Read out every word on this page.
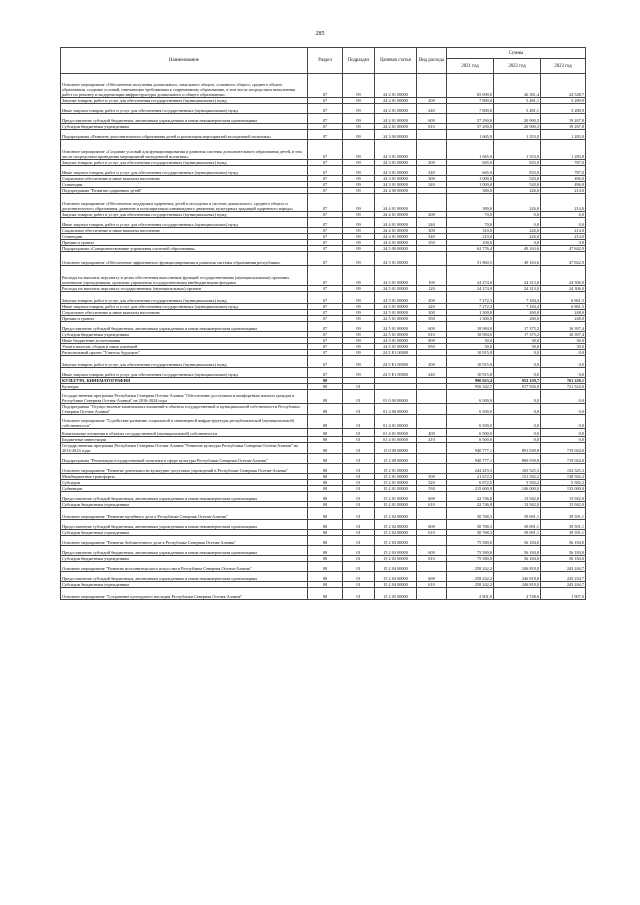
285
Наименование	Раздел	Подраздел	Целевая статья	Вид расхода	Суммы		
					2021 год	2022 год	2023 год
Основное мероприятие «Обеспечение получения дошкольного, начального общего, основного общего, среднего общего образования, создание условий, отвечающих требованиям к современному образованию, в том числе посредством выполнения работ по ремонту и модернизации инфраструктуры дошкольного и общего образования»	07	09	24 2 01 00000		65 090,0	26 381,4	24 548,7
Закупка товаров, работ и услуг для обеспечения государственных (муниципальных) нужд	07	09	24 2 01 00000	200	7 800,0	5 481,1	5 280,9
Иные закупки товаров, работ и услуг для обеспечения государственных (муниципальных) нужд	07	09	24 2 01 00000	240	7 800,0	5 481,1	5 280,9
Предоставление субсидий бюджетным, автономным учреждениям и иным некоммерческим организациям	07	09	24 2 01 00000	600	57 290,0	20 900,3	19 267,8
Субсидии бюджетным учреждениям	07	09	24 2 01 00000	610	57 290,0	20 900,3	19 267,8
Подпрограмма «Развитие дополнительного образования детей и реализация мероприятий молодежной политики»	07	09	24 3 00 00000		1 665,0	1 353,0	1 283,0
Основное мероприятие «Создание условий для функционирования и развития системы дополнительного образования детей, в том числе посредством проведения мероприятий молодежной политики»	07	09	24 3 01 00000		1 665,0	1 353,0	1 283,0
Закупка товаров, работ и услуг для обеспечения государственных (муниципальных) нужд	07	09	24 3 01 00000	200	665,0	833,0	787,0
Иные закупки товаров, работ и услуг для обеспечения государственных (муниципальных) нужд	07	09	24 3 01 00000	240	665,0	833,0	787,0
Социальное обеспечение и иные выплаты населению	07	09	24 3 01 00000	300	1 000,0	520,0	496,0
Стипендии	07	09	24 3 01 00000	340	1 000,0	520,0	496,0
Подпрограмма "Развитие одаренных детей"	07	09	24 4 00 00000		380,0	226,0	214,0
Основное мероприятие «Обеспечение поддержки одаренных детей и молодежи в системе дошкольного, среднего общего и дополнительного образования, развитие и популяризация олимпиадного движения, культурных традиций одаренного народа»	07	09	24 4 01 00000		380,0	226,0	214,0
Закупка товаров, работ и услуг для обеспечения государственных (муниципальных) нужд	07	09	24 4 01 00000	200	70,0	0,0	0,0
Иные закупки товаров, работ и услуг для обеспечения государственных (муниципальных) нужд	07	09	24 4 01 00000	240	70,0	0,0	0,0
Социальное обеспечение и иные выплаты населению	07	09	24 4 01 00000	300	310,0	226,0	214,0
Стипендии	07	09	24 4 01 00000	340	210,0	226,0	214,0
Премии и гранты	07	09	24 4 01 00000	350	100,0	0,0	0,0
Подпрограмма «Совершенствование управления системой образования»	07	09	24 5 00 00000		62 776,4	49 163,6	47 842,9
Основное мероприятие «Обеспечение эффективного функционирования и развития системы образования республики»	07	09	24 5 01 00000		51 860,5	49 163,6	47 842,9
Расходы на выплаты персоналу в целях обеспечения выполнения функций государственными (муниципальными) органами, казенными учреждениями, органами управления государственными внебюджетными фондами	07	09	24 5 01 00000	100	24 274,0	24 313,0	24 306,0
Расходы на выплаты персоналу государственных (муниципальных) органов	07	09	24 5 01 00000	120	24 274,0	24 313,0	24 306,0
Закупка товаров, работ и услуг для обеспечения государственных (муниципальных) нужд	07	09	24 5 01 00000	200	7 272,3	7 184,4	6 861,5
Иные закупки товаров, работ и услуг для обеспечения государственных (муниципальных) нужд	07	09	24 5 01 00000	240	7 272,3	7 184,4	6 861,5
Социальное обеспечение и иные выплаты населению	07	09	24 5 01 00000	300	1 300,0	260,0	248,0
Премии и гранты	07	09	24 5 01 00000	350	1 300,0	260,0	248,0
Предоставление субсидий бюджетным, автономным учреждениям и иным некоммерческим организациям	07	09	24 5 01 00000	600	18 984,0	17 375,2	16 397,4
Субсидии бюджетным учреждениям	07	09	24 5 01 00000	610	18 984,0	17 375,2	16 397,4
Иные бюджетные ассигнования	07	09	24 5 01 00000	800	30,0	30,0	30,0
Уплата налогов, сборов и иных платежей	07	09	24 5 01 00000	850	30,0	30,0	30,0
Региональный проект "Учитель будущего"	07	09	24 5 E1 00000		10 915,8	0,0	0,0
Закупка товаров, работ и услуг для обеспечения государственных (муниципальных) нужд	07	09	24 5 E1 00000	200	10 915,8	0,0	0,0
Иные закупки товаров, работ и услуг для обеспечения государственных (муниципальных) нужд	07	09	24 5 E1 00000	240	10 915,8	0,0	0,0
КУЛЬТУРА, КИНЕМАТОГРАФИЯ	08				990 023,4	953 159,7	761 220,1
Культура	08	01			956 342,7	917 926,0	721 524,0
Государственная программа Республики Северная Осетия-Алания "Обеспечение доступным и комфортным жильем граждан в Республике Северная Осетия-Алания" на 2016-2024 годы	08	01	01 0 00 00000		6 500,0	0,0	0,0
Подпрограмма "Осуществление капитальных вложений в объекты государственной и муниципальной собственности Республики Северная Осетия-Алания"	08	01	01 4 00 00000		6 500,0	0,0	0,0
Основное мероприятие "Содействие развитию социальной и инженерной инфраструктуры республиканской (муниципальной) собственности"	08	01	01 4 01 00000		6 500,0	0,0	0,0
Капитальные вложения в объекты государственной (муниципальной) собственности	08	01	01 4 01 00000	400	6 500,0	0,0	0,0
Бюджетные инвестиции	08	01	01 4 01 00000	410	6 500,0	0,0	0,0
Государственная программа Республики Северная Осетия-Алания "Развитие культуры Республики Северная Осетия-Алания" на 2014-2023 годы	08	01	15 0 00 00000		940 777,1	891 039,8	719 024,0
Подпрограмма "Реализация государственной политики в сфере культуры Республики Северная Осетия-Алания"	08	01	15 2 00 00000		940 777,1	869 039,8	719 024,0
Основное мероприятие "Развитие деятельности культурно-досуговых учреждений в Республике Северная Осетия-Алания"	08	01	15 2 01 00000		244 419,3	165 525,3	152 525,3
Межбюджетные трансферты	08	01	15 2 01 00000	500	21 672,5	151 582,2	138 582,2
Субсидии	08	01	15 2 01 00000	520	6 072,5	5 582,2	5 582,2
Субвенции	08	01	15 2 01 00000	530	215 600,0	146 000,0	133 000,0
Предоставление субсидий бюджетным, автономным учреждениям и иным некоммерческим организациям	08	01	15 2 01 00000	600	22 746,8	13 942,0	13 942,0
Субсидии бюджетным учреждениям	08	01	15 2 01 00000	610	22 746,8	13 942,0	13 942,0
Основное мероприятие "Развитие музейного дела в Республике Северная Осетия-Алания"	08	01	15 2 02 00000		50 768,3	39 691,1	39 591,1
Предоставление субсидий бюджетным, автономным учреждениям и иным некоммерческим организациям	08	01	15 2 02 00000	600	50 768,3	39 691,1	39 591,1
Субсидии бюджетным учреждениям	08	01	15 2 02 00000	610	50 768,3	39 691,1	39 591,1
Основное мероприятие "Развитие библиотечного дела в Республике Северная Осетия-Алания"	08	01	15 2 03 00000		75 580,0	56 184,0	56 184,0
Предоставление субсидий бюджетным, автономным учреждениям и иным некоммерческим организациям	08	01	15 2 03 00000	600	75 580,0	56 184,0	56 184,0
Субсидии бюджетным учреждениям	08	01	15 2 03 00000	610	75 580,0	56 184,0	56 184,0
Основное мероприятие "Развитие исполнительского искусства в Республике Северная Осетия-Алания"	08	01	15 2 04 00000		258 242,2	246 818,0	243 244,7
Предоставление субсидий бюджетным, автономным учреждениям и иным некоммерческим организациям	08	01	15 2 04 00000	600	258 242,2	246 818,0	243 244,7
Субсидии бюджетным учреждениям	08	01	15 2 04 00000	610	258 242,2	246 818,0	243 244,7
Основное мероприятие "Сохранение культурного наследия Республики Северная Осетия-Алания"	08	01	15 2 05 00000		2 801,0	2 748,6	1 907,0
